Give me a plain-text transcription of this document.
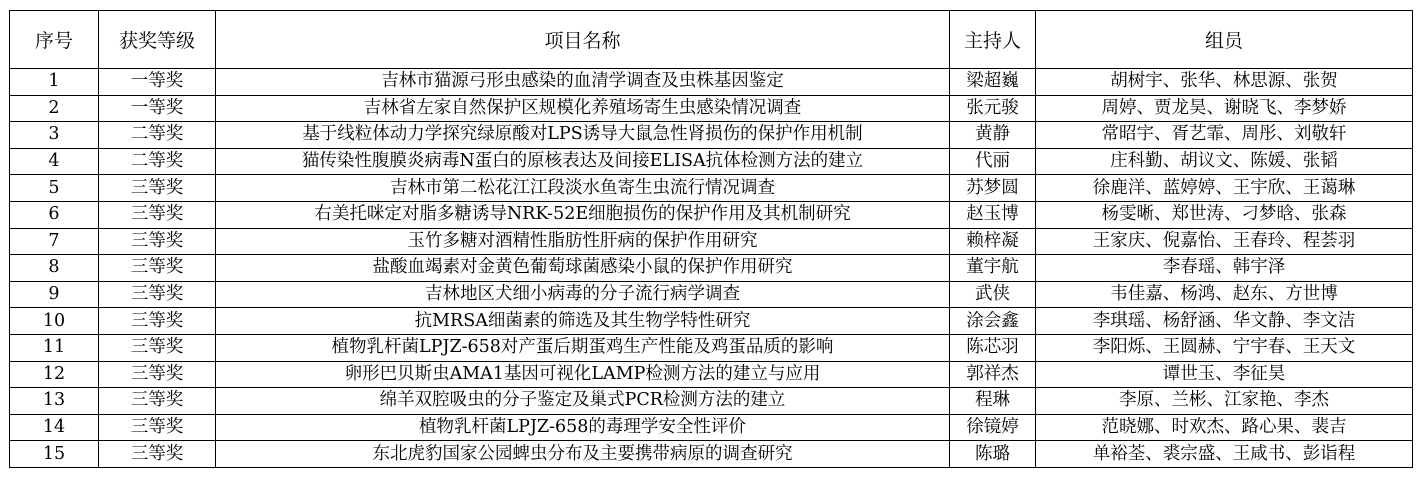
序号	获奖等级	项目名称	主持人	组员
1	一等奖	吉林市猫源弓形虫感染的血清学调查及虫株基因鉴定	梁超巍	胡树宇、张华、林思源、张贺
2	一等奖	吉林省左家自然保护区规模化养殖场寄生虫感染情况调查	张元骏	周婷、贾龙昊、谢晓飞、李梦娇
3	二等奖	基于线粒体动力学探究绿原酸对LPS诱导大鼠急性肾损伤的保护作用机制	黄静	常昭宇、胥艺霏、周彤、刘敬轩
4	二等奖	猫传染性腹膜炎病毒N蛋白的原核表达及间接ELISA抗体检测方法的建立	代丽	庄科勤、胡议文、陈媛、张韬
5	三等奖	吉林市第二松花江江段淡水鱼寄生虫流行情况调查	苏梦圆	徐鹿洋、蓝婷婷、王宇欣、王蔼琳
6	三等奖	右美托咪定对脂多糖诱导NRK-52E细胞损伤的保护作用及其机制研究	赵玉博	杨雯晰、郑世涛、刁梦晗、张森
7	三等奖	玉竹多糖对酒精性脂肪性肝病的保护作用研究	赖梓凝	王家庆、倪嘉怡、王春玲、程荟羽
8	三等奖	盐酸血竭素对金黄色葡萄球菌感染小鼠的保护作用研究	董宇航	李春瑶、韩宇泽
9	三等奖	吉林地区犬细小病毒的分子流行病学调查	武侠	韦佳嘉、杨鸿、赵东、方世博
10	三等奖	抗MRSA细菌素的筛选及其生物学特性研究	涂会鑫	李琪瑶、杨舒涵、华文静、李文洁
11	三等奖	植物乳杆菌LPJZ-658对产蛋后期蛋鸡生产性能及鸡蛋品质的影响	陈芯羽	李阳烁、王圆赫、宁宇春、王天文
12	三等奖	卵形巴贝斯虫AMA1基因可视化LAMP检测方法的建立与应用	郭祥杰	谭世玉、李征昊
13	三等奖	绵羊双腔吸虫的分子鉴定及巢式PCR检测方法的建立	程琳	李原、兰彬、江家艳、李杰
14	三等奖	植物乳杆菌LPJZ-658的毒理学安全性评价	徐镜婷	范晓娜、时欢杰、路心果、裴吉
15	三等奖	东北虎豹国家公园蜱虫分布及主要携带病原的调查研究	陈璐	单裕荃、裘宗盛、王咸书、彭诣程
